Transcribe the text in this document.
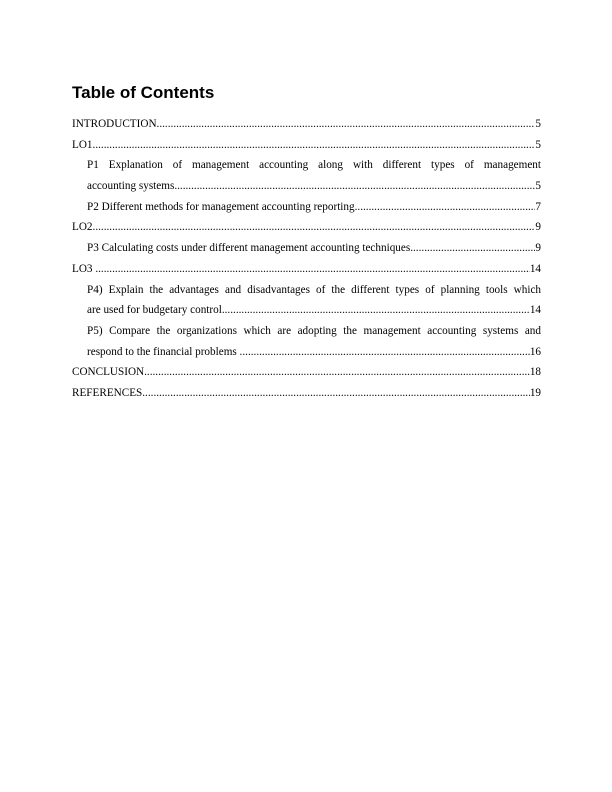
Table of Contents
INTRODUCTION .....	5
LO1 .....	5
P1 Explanation of management accounting along with different types of management
accounting systems .....	5
P2 Different methods for management accounting reporting .....	7
LO2 .....	9
P3 Calculating costs under different management accounting techniques .....	9
LO3 .....	14
P4) Explain the advantages and disadvantages of the different types of planning tools which
are used for budgetary control .....	14
P5) Compare the organizations which are adopting the management accounting systems and
respond to the financial problems .....	16
CONCLUSION .....	18
REFERENCES .....	19
